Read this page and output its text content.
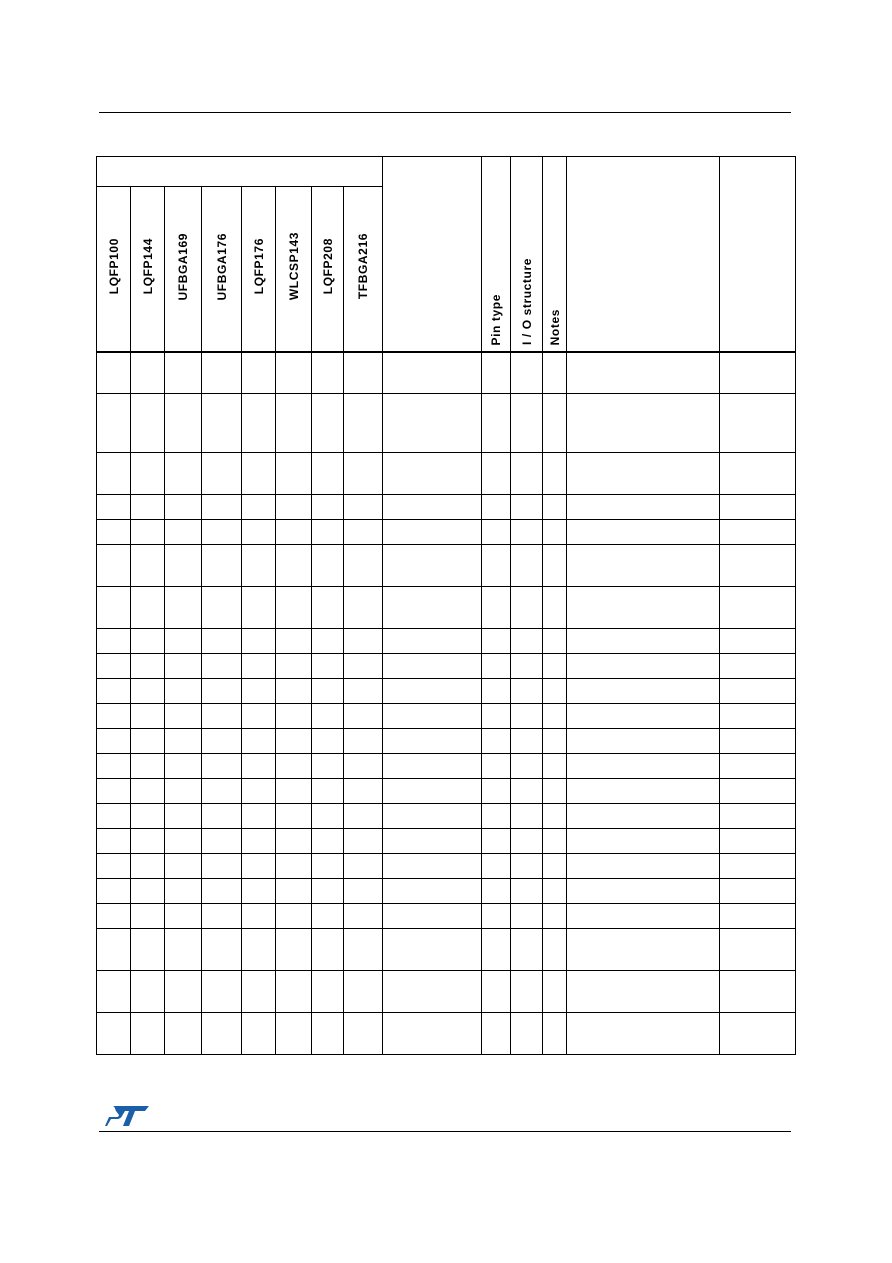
									Pin type	I / O structure	Notes		
LQFP100	LQFP144	UFBGA169	UFBGA176	LQFP176	WLCSP143	LQFP208	TFBGA216						
